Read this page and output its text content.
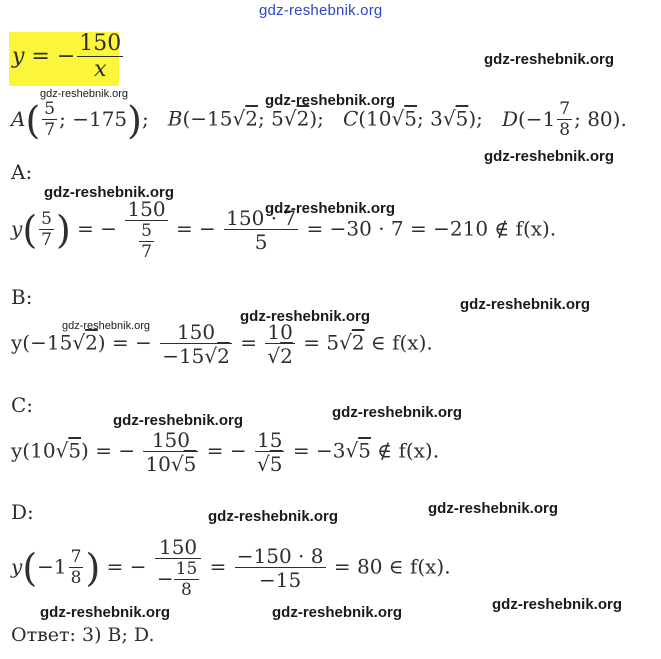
gdz-reshebnik.org
y = − $\frac{150}{x}$
$A( \frac{5}{7}$ ; −175); B(−15√2; 5√2); C(10√5; 3√5); $D(-1 \frac{7}{8}$ ; 80).
A:
$y( \frac{5}{7}$ ) = − $\frac{150}{\frac{5}{7}}$ = − $\frac{150 \cdot 7}{5} = -30 \cdot 7 = -210$ ∉ f(x).
B:
y(−15√2) = − $\frac{150}{-15√2} = \frac{10}{√2} = 5√2$ ∈ f(x).
C:
y(10√5) = − $\frac{150}{10√5}$ = − $\frac{15}{√5} = -3√5$ ∉ f(x).
D:
$y(-1 \frac{7}{8}$ ) = − $\frac{150}{- \frac{15}{8}} = \frac{-150 \cdot 8}{-15} = 80$ ∈ f(x).
Ответ: 3) B; D.
gdz-reshebnik.org
gdz-reshebnik.org	gdz-reshebnik.org
gdz-reshebnik.org
gdz-reshebnik.org
gdz-reshebnik.org
gdz-reshebnik.org
gdz-reshebnik.org
gdz-reshebnik.org
gdz-reshebnik.org
gdz-reshebnik.org
gdz-reshebnik.org
gdz-reshebnik.org
gdz-reshebnik.org
gdz-reshebnik.org	gdz-reshebnik.org
